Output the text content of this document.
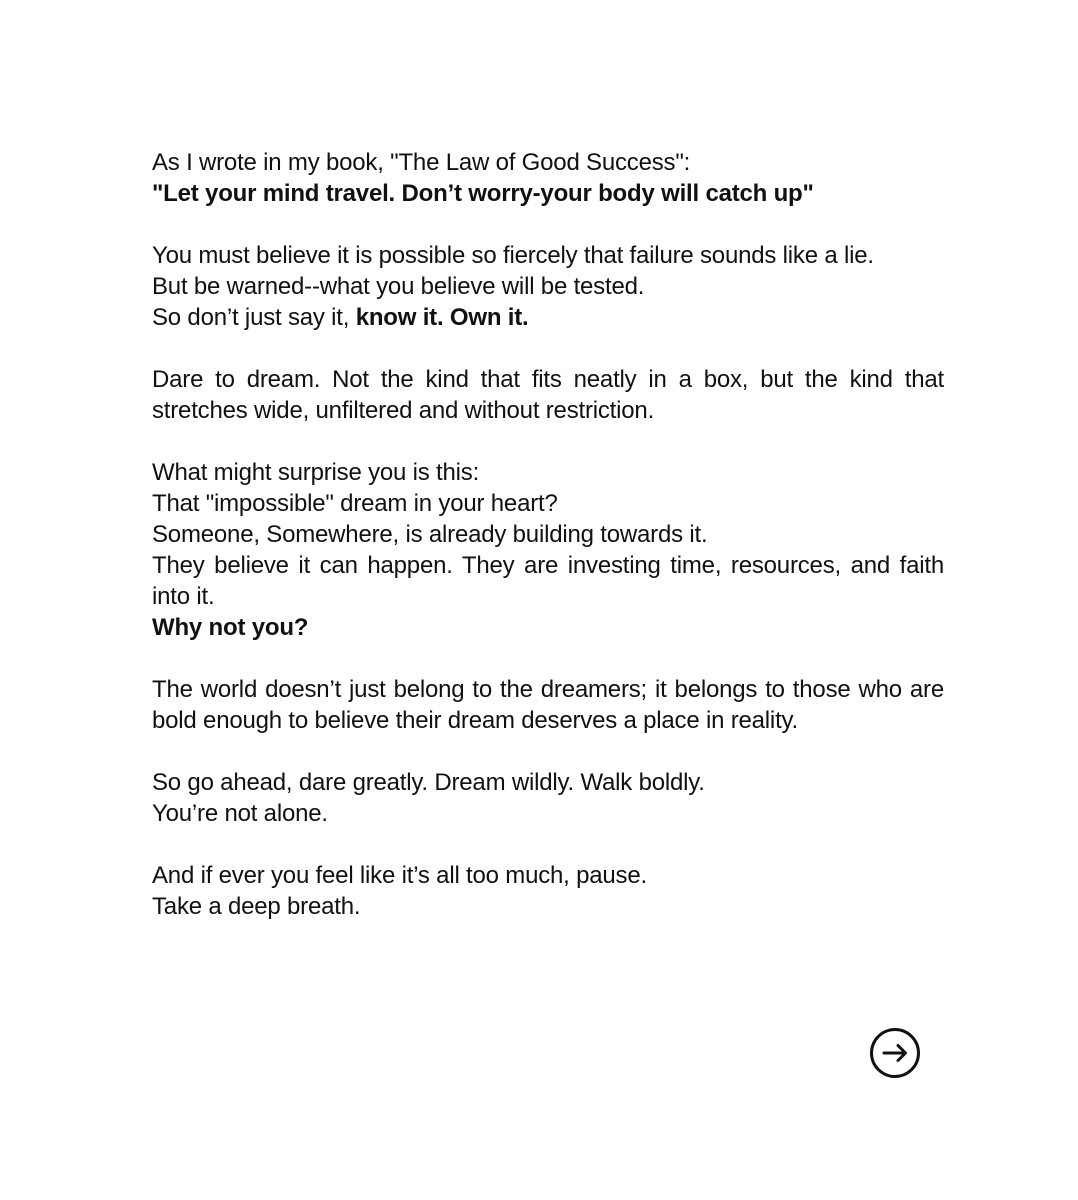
As I wrote in my book, "The Law of Good Success":
"Let your mind travel. Don’t worry-your body will catch up"

You must believe it is possible so fiercely that failure sounds like a lie.
But be warned--what you believe will be tested.
So don’t just say it, know it. Own it.

Dare to dream. Not the kind that fits neatly in a box, but the kind that stretches wide, unfiltered and without restriction.

What might surprise you is this:
That "impossible" dream in your heart?
Someone, Somewhere, is already building towards it.
They believe it can happen. They are investing time, resources, and faith into it.
Why not you?

The world doesn’t just belong to the dreamers; it belongs to those who are bold enough to believe their dream deserves a place in reality.

So go ahead, dare greatly. Dream wildly. Walk boldly.
You’re not alone.

And if ever you feel like it’s all too much, pause.
Take a deep breath.
